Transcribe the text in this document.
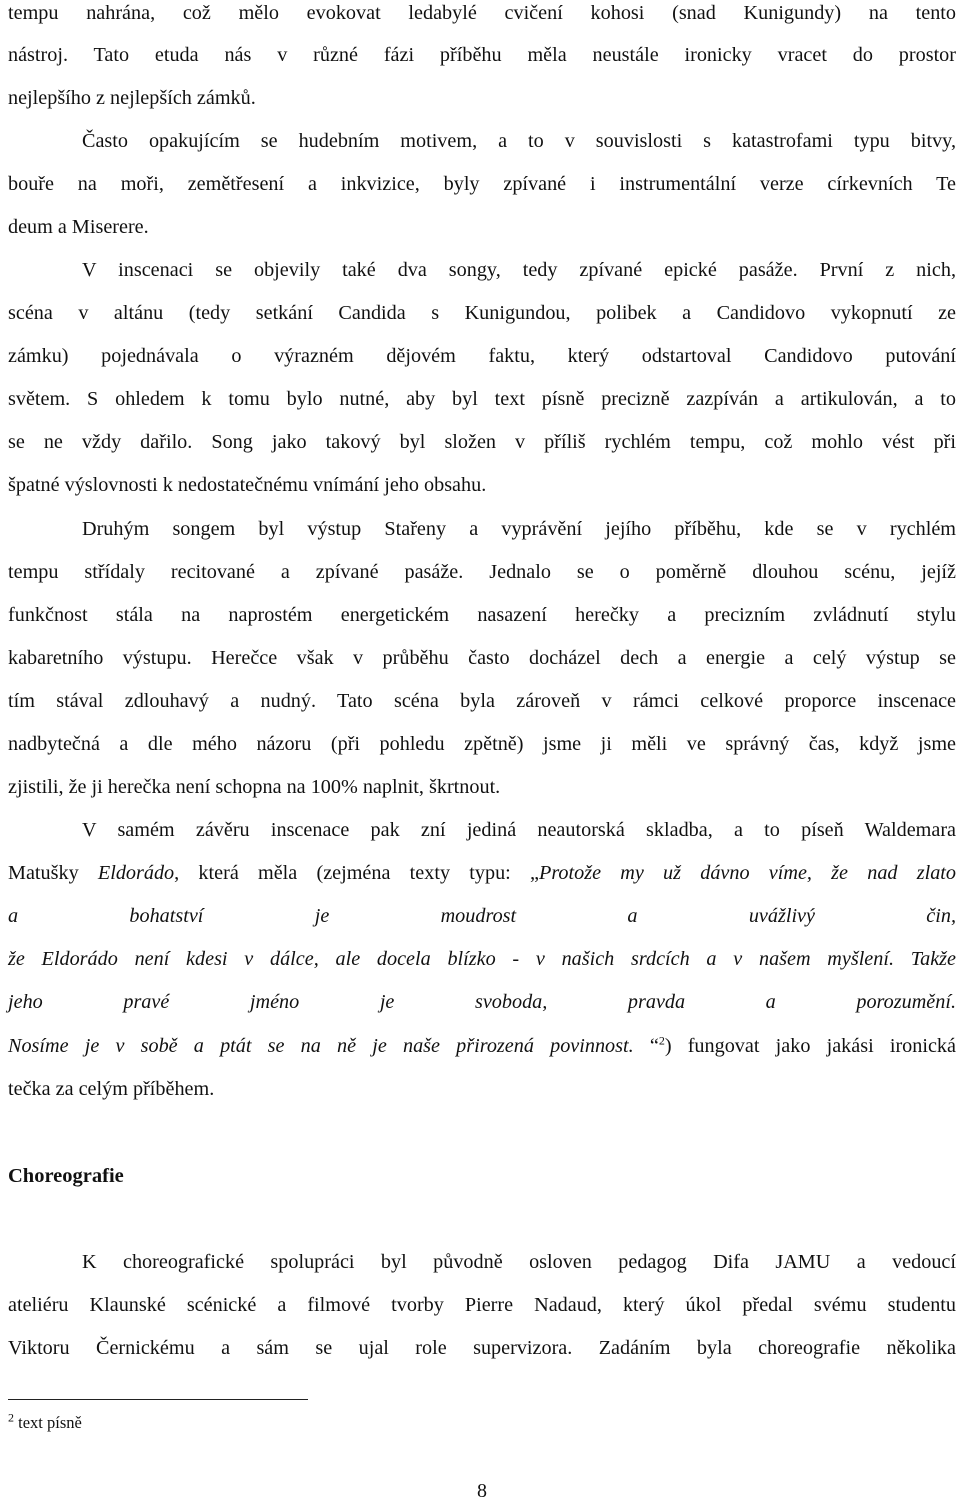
tempu nahrána, což mělo evokovat ledabylé cvičení kohosi (snad Kunigundy) na tento
nástroj. Tato etuda nás v různé fázi příběhu měla neustále ironicky vracet do prostor
nejlepšího z nejlepších zámků.
Často opakujícím se hudebním motivem, a to v souvislosti s katastrofami typu bitvy,
bouře na moři, zemětřesení a inkvizice, byly zpívané i instrumentální verze církevních Te
deum a Miserere.
V inscenaci se objevily také dva songy, tedy zpívané epické pasáže. První z nich,
scéna v altánu (tedy setkání Candida s Kunigundou, polibek a Candidovo vykopnutí ze
zámku) pojednávala o výrazném dějovém faktu, který odstartoval Candidovo putování
světem. S ohledem k tomu bylo nutné, aby byl text písně precizně zazpíván a artikulován, a to
se ne vždy dařilo. Song jako takový byl složen v příliš rychlém tempu, což mohlo vést při
špatné výslovnosti k nedostatečnému vnímání jeho obsahu.
Druhým songem byl výstup Stařeny a vyprávění jejího příběhu, kde se v rychlém
tempu střídaly recitované a zpívané pasáže. Jednalo se o poměrně dlouhou scénu, jejíž
funkčnost stála na naprostém energetickém nasazení herečky a precizním zvládnutí stylu
kabaretního výstupu. Herečce však v průběhu často docházel dech a energie a celý výstup se
tím stával zdlouhavý a nudný. Tato scéna byla zároveň v rámci celkové proporce inscenace
nadbytečná a dle mého názoru (při pohledu zpětně) jsme ji měli ve správný čas, když jsme
zjistili, že ji herečka není schopna na 100% naplnit, škrtnout.
V samém závěru inscenace pak zní jediná neautorská skladba, a to píseň Waldemara
Matušky Eldorádo, která měla (zejména texty typu: „Protože my už dávno víme, že nad zlato
a bohatství je moudrost a uvážlivý čin,
že Eldorádo není kdesi v dálce, ale docela blízko - v našich srdcích a v našem myšlení. Takže
jeho pravé jméno je svoboda, pravda a porozumění.
Nosíme je v sobě a ptát se na ně je naše přirozená povinnost. “$^2$) fungovat jako jakási ironická
tečka za celým příběhem.
Choreografie
K choreografické spolupráci byl původně osloven pedagog Difa JAMU a vedoucí
ateliéru Klaunské scénické a filmové tvorby Pierre Nadaud, který úkol předal svému studentu
Viktoru Černickému a sám se ujal role supervizora. Zadáním byla choreografie několika
$^2$ text písně
8
